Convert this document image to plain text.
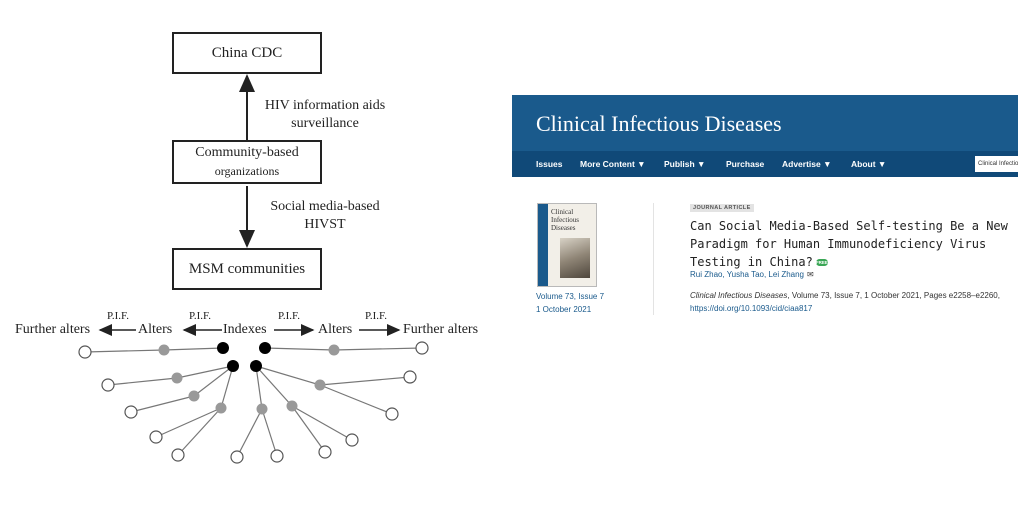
China CDC
Community-based
organizations
MSM communities
HIV information aids
surveillance
Social media-based
HIVST
Further alters	Alters	Indexes	Alters	Further alters
P.I.F.	P.I.F.	P.I.F.	P.I.F.
Clinical Infectious Diseases
Issues More Content ▼ Publish ▼ Purchase Advertise ▼ About ▼	Clinical Infectio
Clinical Infectious Diseases
Volume 73, Issue 7
1 October 2021
JOURNAL ARTICLE
Can Social Media-Based Self-testing Be a New Paradigm for Human Immunodeficiency Virus Testing in China? FREE
Rui Zhao, Yusha Tao, Lei Zhang ✉
Clinical Infectious Diseases, Volume 73, Issue 7, 1 October 2021, Pages e2258–e2260,
https://doi.org/10.1093/cid/ciaa817
